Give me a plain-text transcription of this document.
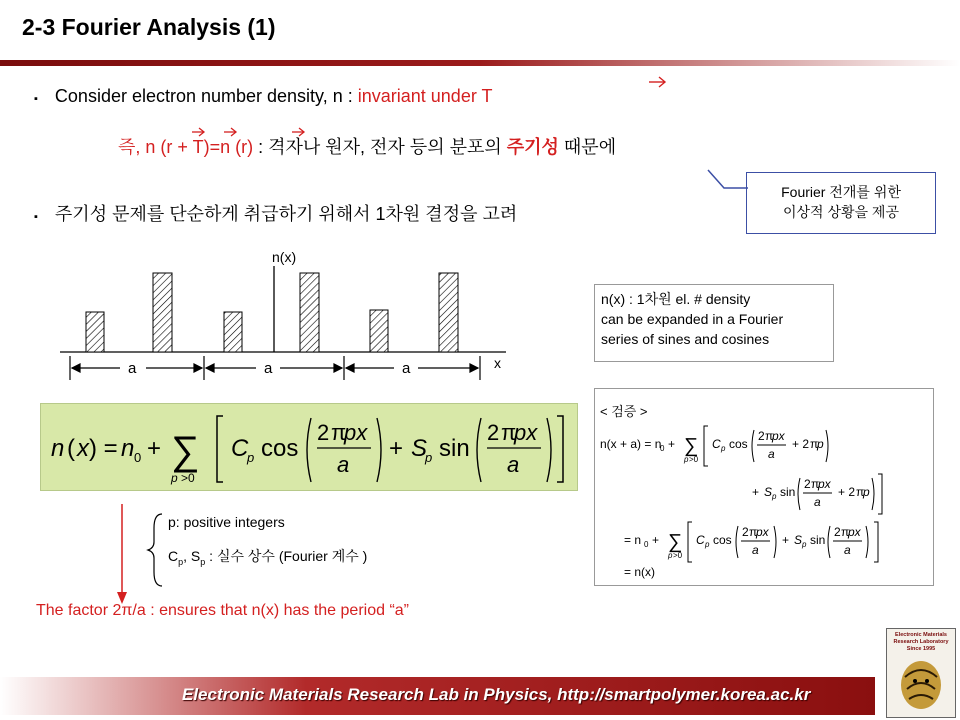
2-3 Fourier Analysis (1)
▪ Consider electron number density, n : invariant under T
즉, n (r + T)=n (r) : 격자나 원자, 전자 등의 분포의 주기성 때문에
Fourier 전개를 위한
이상적 상황을 제공
▪ 주기성 문제를 단순하게 취급하기 위해서 1차원 결정을 고려
n(x)
x
a	a	a
n(x) : 1차원 el. # density
can be expanded in a Fourier
series of sines and cosines
n ( x ) = n 0 + ∑
p >0
C
p cos
2 π
px
a
+ S
p sin
2 π
px
a
< 검증 >
n(x + a) = n
0 + ∑
p >0
C p cos
2 π
px
a
+ 2 π
p
+ S p sin
2 π
px
a
+ 2 π
p
= n 0 + ∑
p >0
C p cos
2 π
px
a
+ S p sin
2 π
px
a
= n(x)
p: positive integers
$C_p$, $S_p$ : 실수 상수 (Fourier 계수 )
The factor 2π/a : ensures that n(x) has the period “a”
Electronic Materials Research Lab in Physics, http://smartpolymer.korea.ac.kr
Electronic Materials
Research Laboratory
Since 1995
